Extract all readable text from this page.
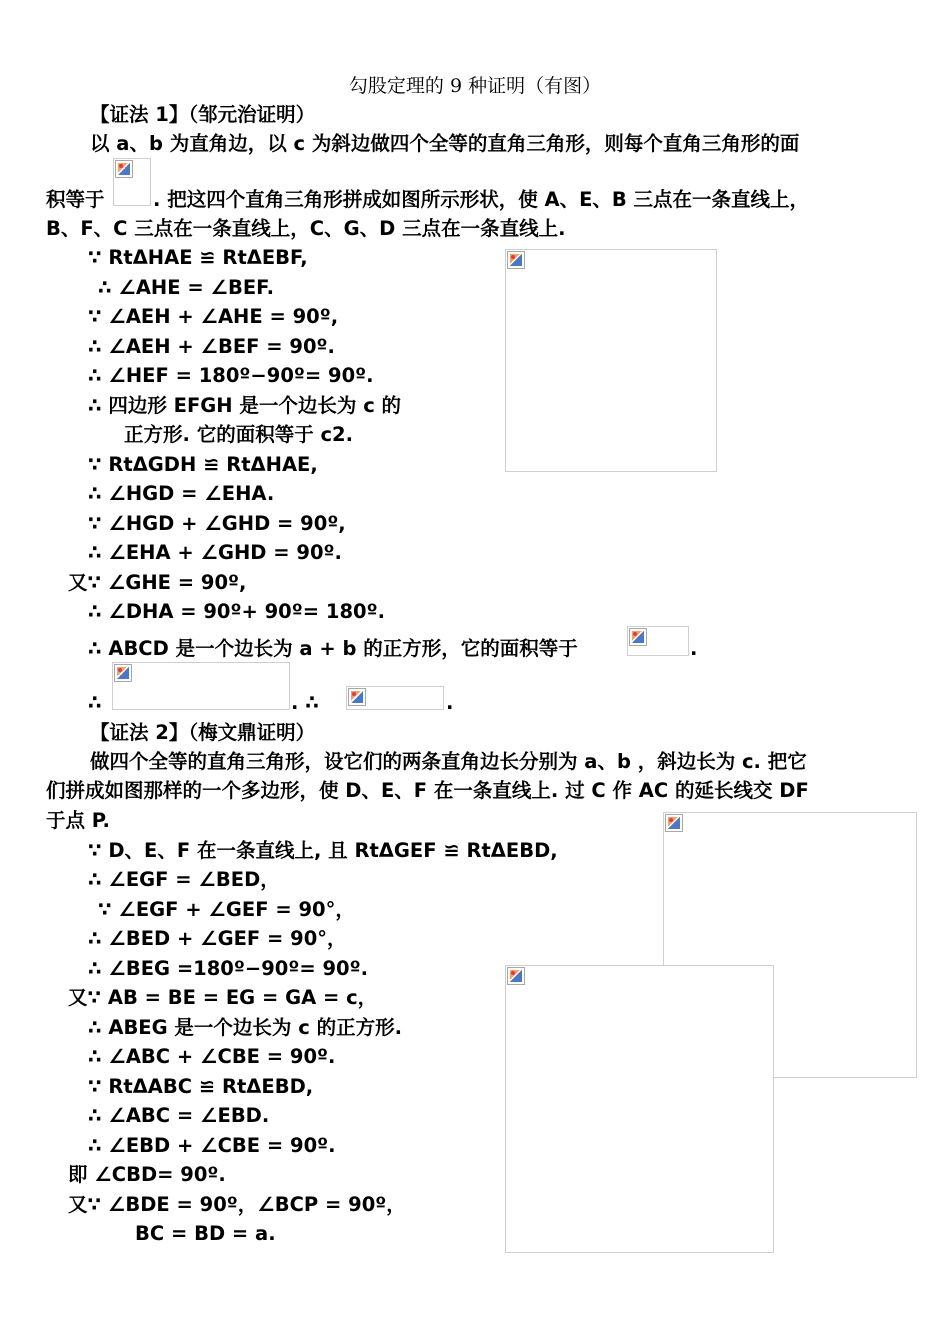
勾股定理的 9 种证明（有图）
【证法 1】（邹元治证明）
以 a、b 为直角边，以 c 为斜边做四个全等的直角三角形，则每个直角三角形的面
积等于 . 把这四个直角三角形拼成如图所示形状，使 A、E、B 三点在一条直线上，
B、F、C 三点在一条直线上，C、G、D 三点在一条直线上.
∵ RtΔHAE ≌ RtΔEBF,
∴ ∠AHE = ∠BEF.
∵ ∠AEH + ∠AHE = 90º,
∴ ∠AEH + ∠BEF = 90º.
∴ ∠HEF = 180º−90º= 90º.
∴ 四边形 EFGH 是一个边长为 c 的
正方形. 它的面积等于 c2.
∵ RtΔGDH ≌ RtΔHAE,
∴ ∠HGD = ∠EHA.
∵ ∠HGD + ∠GHD = 90º,
∴ ∠EHA + ∠GHD = 90º.
又∵ ∠GHE = 90º,
∴ ∠DHA = 90º+ 90º= 180º.
∴ ABCD 是一个边长为 a + b 的正方形，它的面积等于	.
∴	. ∴	.
【证法 2】（梅文鼎证明）
做四个全等的直角三角形，设它们的两条直角边长分别为 a、b ，斜边长为 c. 把它
们拼成如图那样的一个多边形，使 D、E、F 在一条直线上. 过 C 作 AC 的延长线交 DF
于点 P.
∵ D、E、F 在一条直线上, 且 RtΔGEF ≌ RtΔEBD,
∴ ∠EGF = ∠BED，
∵ ∠EGF + ∠GEF = 90°，
∴ ∠BED + ∠GEF = 90°，
∴ ∠BEG =180º−90º= 90º.
又∵ AB = BE = EG = GA = c，
∴ ABEG 是一个边长为 c 的正方形.
∴ ∠ABC + ∠CBE = 90º.
∵ RtΔABC ≌ RtΔEBD,
∴ ∠ABC = ∠EBD.
∴ ∠EBD + ∠CBE = 90º.
即 ∠CBD= 90º.
又∵ ∠BDE = 90º，∠BCP = 90º，
BC = BD = a.
